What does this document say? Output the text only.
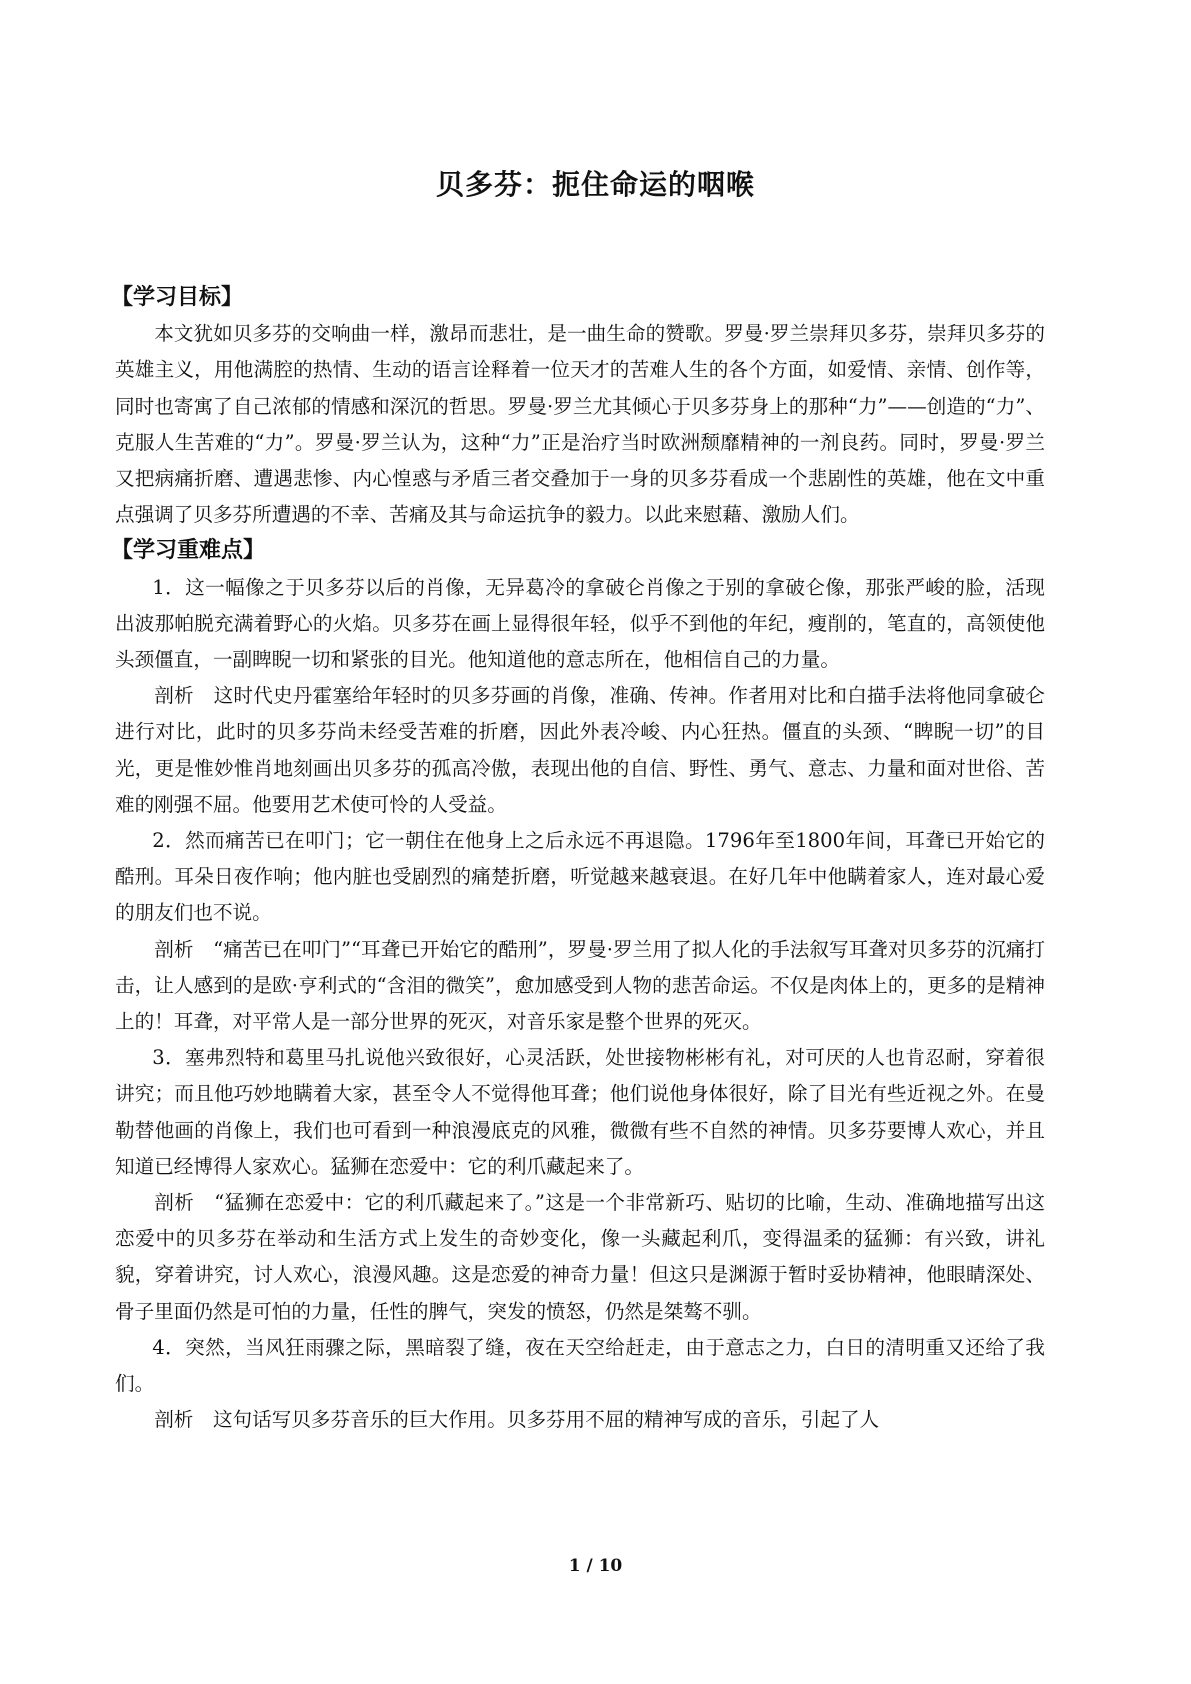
贝多芬：扼住命运的咽喉

【学习目标】

本文犹如贝多芬的交响曲一样，激昂而悲壮，是一曲生命的赞歌。罗曼·罗兰崇拜贝多芬，崇拜贝多芬的英雄主义，用他满腔的热情、生动的语言诠释着一位天才的苦难人生的各个方面，如爱情、亲情、创作等，同时也寄寓了自己浓郁的情感和深沉的哲思。罗曼·罗兰尤其倾心于贝多芬身上的那种“力”——创造的“力”、克服人生苦难的“力”。罗曼·罗兰认为，这种“力”正是治疗当时欧洲颓靡精神的一剂良药。同时，罗曼·罗兰又把病痛折磨、遭遇悲惨、内心惶惑与矛盾三者交叠加于一身的贝多芬看成一个悲剧性的英雄，他在文中重点强调了贝多芬所遭遇的不幸、苦痛及其与命运抗争的毅力。以此来慰藉、激励人们。

【学习重难点】

1．这一幅像之于贝多芬以后的肖像，无异葛冷的拿破仑肖像之于别的拿破仑像，那张严峻的脸，活现出波那帕脱充满着野心的火焰。贝多芬在画上显得很年轻，似乎不到他的年纪，瘦削的，笔直的，高领使他头颈僵直，一副睥睨一切和紧张的目光。他知道他的意志所在，他相信自己的力量。

剖析　这时代史丹霍塞给年轻时的贝多芬画的肖像，准确、传神。作者用对比和白描手法将他同拿破仑进行对比，此时的贝多芬尚未经受苦难的折磨，因此外表冷峻、内心狂热。僵直的头颈、“睥睨一切”的目光，更是惟妙惟肖地刻画出贝多芬的孤高冷傲，表现出他的自信、野性、勇气、意志、力量和面对世俗、苦难的刚强不屈。他要用艺术使可怜的人受益。

2．然而痛苦已在叩门；它一朝住在他身上之后永远不再退隐。1796年至1800年间，耳聋已开始它的酷刑。耳朵日夜作响；他内脏也受剧烈的痛楚折磨，听觉越来越衰退。在好几年中他瞒着家人，连对最心爱的朋友们也不说。

剖析　“痛苦已在叩门”“耳聋已开始它的酷刑”，罗曼·罗兰用了拟人化的手法叙写耳聋对贝多芬的沉痛打击，让人感到的是欧·亨利式的“含泪的微笑”，愈加感受到人物的悲苦命运。不仅是肉体上的，更多的是精神上的！耳聋，对平常人是一部分世界的死灭，对音乐家是整个世界的死灭。

3．塞弗烈特和葛里马扎说他兴致很好，心灵活跃，处世接物彬彬有礼，对可厌的人也肯忍耐，穿着很讲究；而且他巧妙地瞒着大家，甚至令人不觉得他耳聋；他们说他身体很好，除了目光有些近视之外。在曼勒替他画的肖像上，我们也可看到一种浪漫底克的风雅，微微有些不自然的神情。贝多芬要博人欢心，并且知道已经博得人家欢心。猛狮在恋爱中：它的利爪藏起来了。

剖析　“猛狮在恋爱中：它的利爪藏起来了。”这是一个非常新巧、贴切的比喻，生动、准确地描写出这恋爱中的贝多芬在举动和生活方式上发生的奇妙变化，像一头藏起利爪，变得温柔的猛狮：有兴致，讲礼貌，穿着讲究，讨人欢心，浪漫风趣。这是恋爱的神奇力量！但这只是渊源于暂时妥协精神，他眼睛深处、骨子里面仍然是可怕的力量，任性的脾气，突发的愤怒，仍然是桀骜不驯。

4．突然，当风狂雨骤之际，黑暗裂了缝，夜在天空给赶走，由于意志之力，白日的清明重又还给了我们。

剖析　这句话写贝多芬音乐的巨大作用。贝多芬用不屈的精神写成的音乐，引起了人

1 / 10
